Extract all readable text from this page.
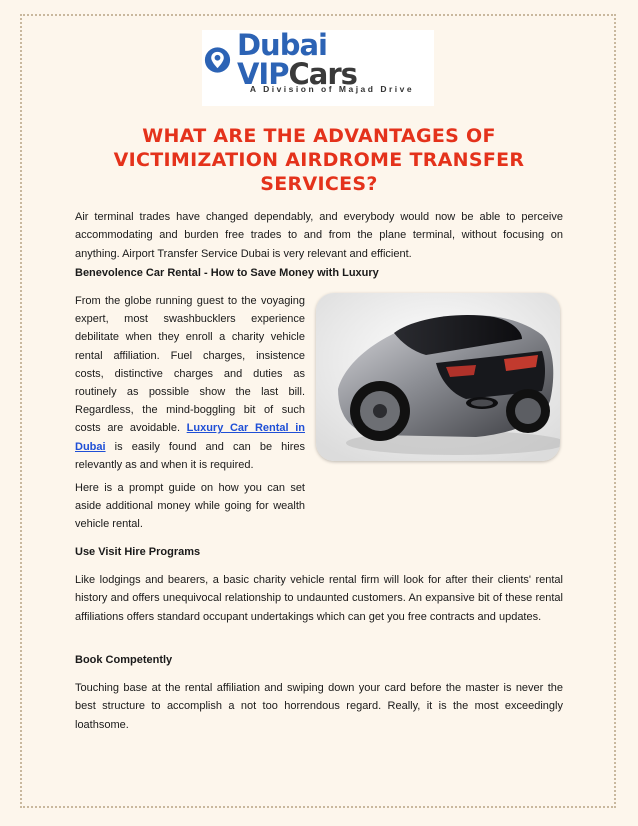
Dubai VIPCars
A Division of Majad Drive
WHAT ARE THE ADVANTAGES OF VICTIMIZATION AIRDROME TRANSFER SERVICES?

Air terminal trades have changed dependably, and everybody would now be able to perceive accommodating and burden free trades to and from the plane terminal, without focusing on anything. Airport Transfer Service Dubai is very relevant and efficient.

Benevolence Car Rental - How to Save Money with Luxury

From the globe running guest to the voyaging expert, most swashbucklers experience debilitate when they enroll a charity vehicle rental affiliation. Fuel charges, insistence costs, distinctive charges and duties as routinely as possible show the last bill. Regardless, the mind-boggling bit of such costs are avoidable. Luxury Car Rental in Dubai is easily found and can be hires relevantly as and when it is required.

Here is a prompt guide on how you can set aside additional money while going for wealth vehicle rental.

Use Visit Hire Programs

Like lodgings and bearers, a basic charity vehicle rental firm will look for after their clients' rental history and offers unequivocal relationship to undaunted customers. An expansive bit of these rental affiliations offers standard occupant undertakings which can get you free contracts and updates.

Book Competently

Touching base at the rental affiliation and swiping down your card before the master is never the best structure to accomplish a not too horrendous regard. Really, it is the most exceedingly loathsome.
